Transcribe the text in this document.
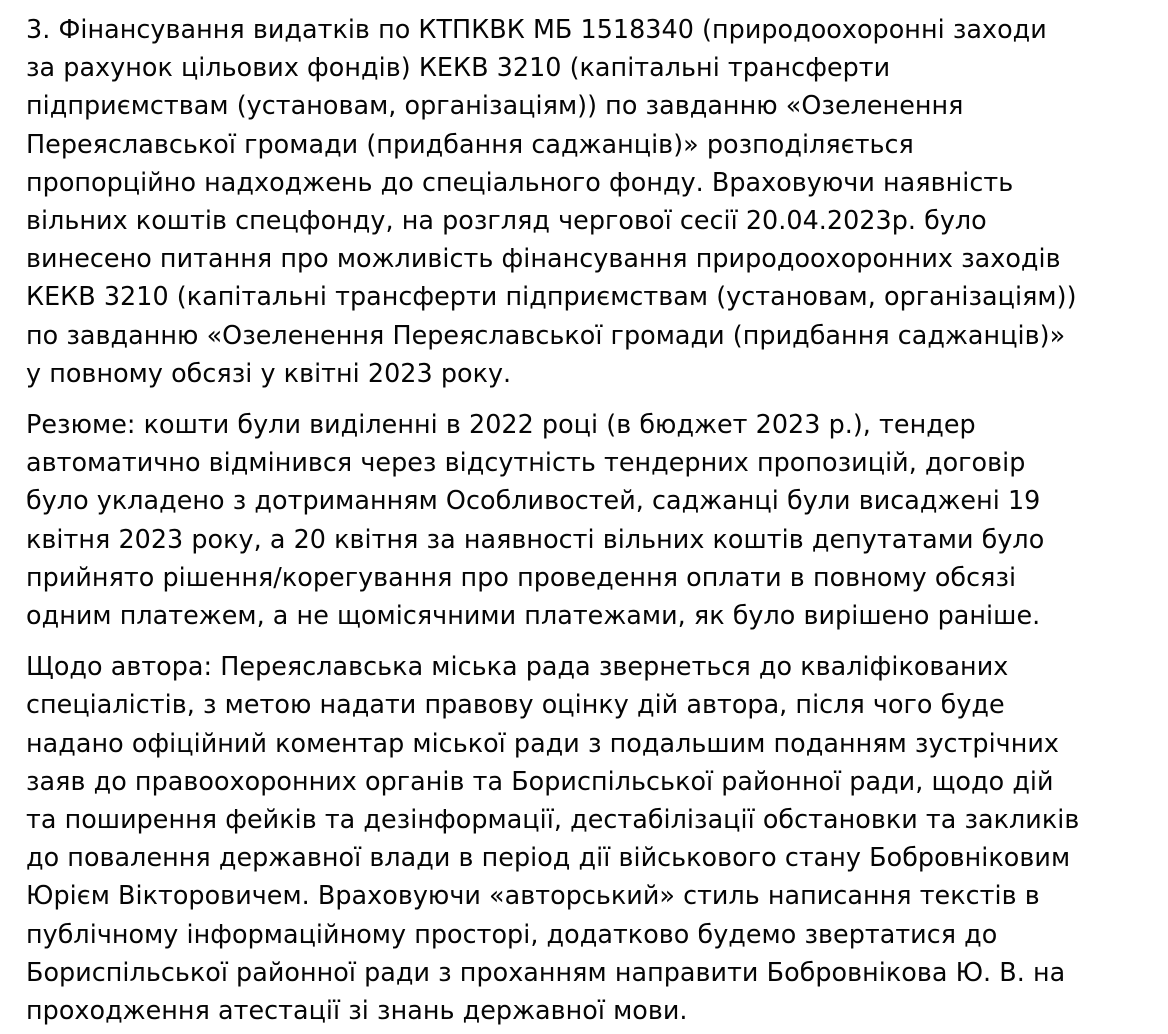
3. Фінансування видатків по КТПКВК МБ 1518340 (природоохоронні заходи
за рахунок цільових фондів) КЕКВ 3210 (капітальні трансферти
підприємствам (установам, організаціям)) по завданню «Озеленення
Переяславської громади (придбання саджанців)» розподіляється
пропорційно надходжень до спеціального фонду. Враховуючи наявність
вільних коштів спецфонду, на розгляд чергової сесії 20.04.2023р. було
винесено питання про можливість фінансування природоохоронних заходів
КЕКВ 3210 (капітальні трансферти підприємствам (установам, організаціям))
по завданню «Озеленення Переяславської громади (придбання саджанців)»
у повному обсязі у квітні 2023 року.

Резюме: кошти були виділенні в 2022 році (в бюджет 2023 р.), тендер
автоматично відмінився через відсутність тендерних пропозицій, договір
було укладено з дотриманням Особливостей, саджанці були висаджені 19
квітня 2023 року, а 20 квітня за наявності вільних коштів депутатами було
прийнято рішення/корегування про проведення оплати в повному обсязі
одним платежем, а не щомісячними платежами, як було вирішено раніше.

Щодо автора: Переяславська міська рада звернеться до кваліфікованих
спеціалістів, з метою надати правову оцінку дій автора, після чого буде
надано офіційний коментар міської ради з подальшим поданням зустрічних
заяв до правоохоронних органів та Бориспільської районної ради, щодо дій
та поширення фейків та дезінформації, дестабілізації обстановки та закликів
до повалення державної влади в період дії військового стану Бобровніковим
Юрієм Вікторовичем. Враховуючи «авторський» стиль написання текстів в
публічному інформаційному просторі, додатково будемо звертатися до
Бориспільської районної ради з проханням направити Бобровнікова Ю. В. на
проходження атестації зі знань державної мови.
